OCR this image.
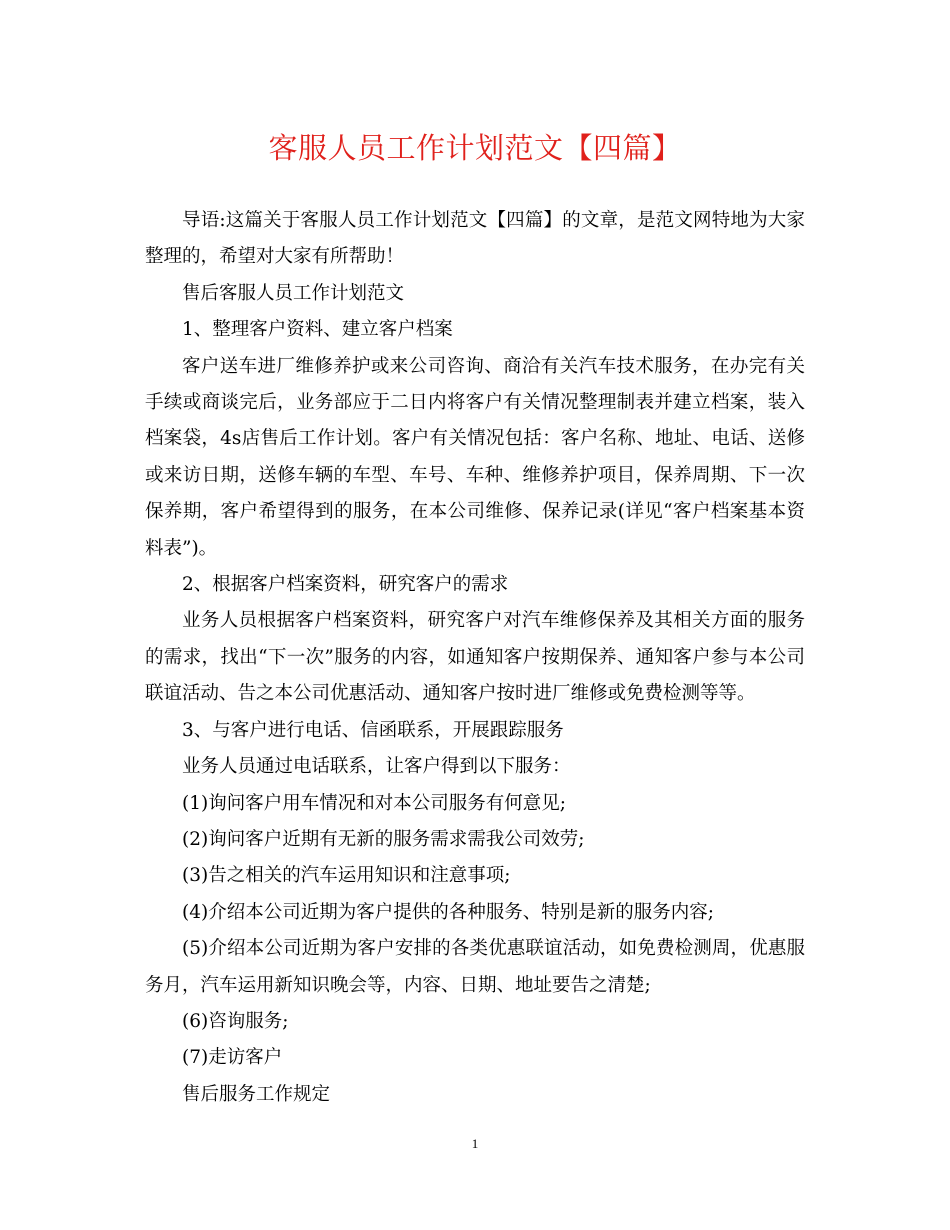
客服人员工作计划范文【四篇】

导语:这篇关于客服人员工作计划范文【四篇】的文章，是范文网特地为大家整理的，希望对大家有所帮助！

售后客服人员工作计划范文

1、整理客户资料、建立客户档案

客户送车进厂维修养护或来公司咨询、商洽有关汽车技术服务，在办完有关手续或商谈完后，业务部应于二日内将客户有关情况整理制表并建立档案，装入档案袋，4s店售后工作计划。客户有关情况包括：客户名称、地址、电话、送修或来访日期，送修车辆的车型、车号、车种、维修养护项目，保养周期、下一次保养期，客户希望得到的服务，在本公司维修、保养记录(详见“客户档案基本资料表”)。

2、根据客户档案资料，研究客户的需求

业务人员根据客户档案资料，研究客户对汽车维修保养及其相关方面的服务的需求，找出“下一次”服务的内容，如通知客户按期保养、通知客户参与本公司联谊活动、告之本公司优惠活动、通知客户按时进厂维修或免费检测等等。

3、与客户进行电话、信函联系，开展跟踪服务

业务人员通过电话联系，让客户得到以下服务：

(1)询问客户用车情况和对本公司服务有何意见;

(2)询问客户近期有无新的服务需求需我公司效劳;

(3)告之相关的汽车运用知识和注意事项;

(4)介绍本公司近期为客户提供的各种服务、特别是新的服务内容;

(5)介绍本公司近期为客户安排的各类优惠联谊活动，如免费检测周，优惠服务月，汽车运用新知识晚会等，内容、日期、地址要告之清楚;

(6)咨询服务;

(7)走访客户

售后服务工作规定

1
